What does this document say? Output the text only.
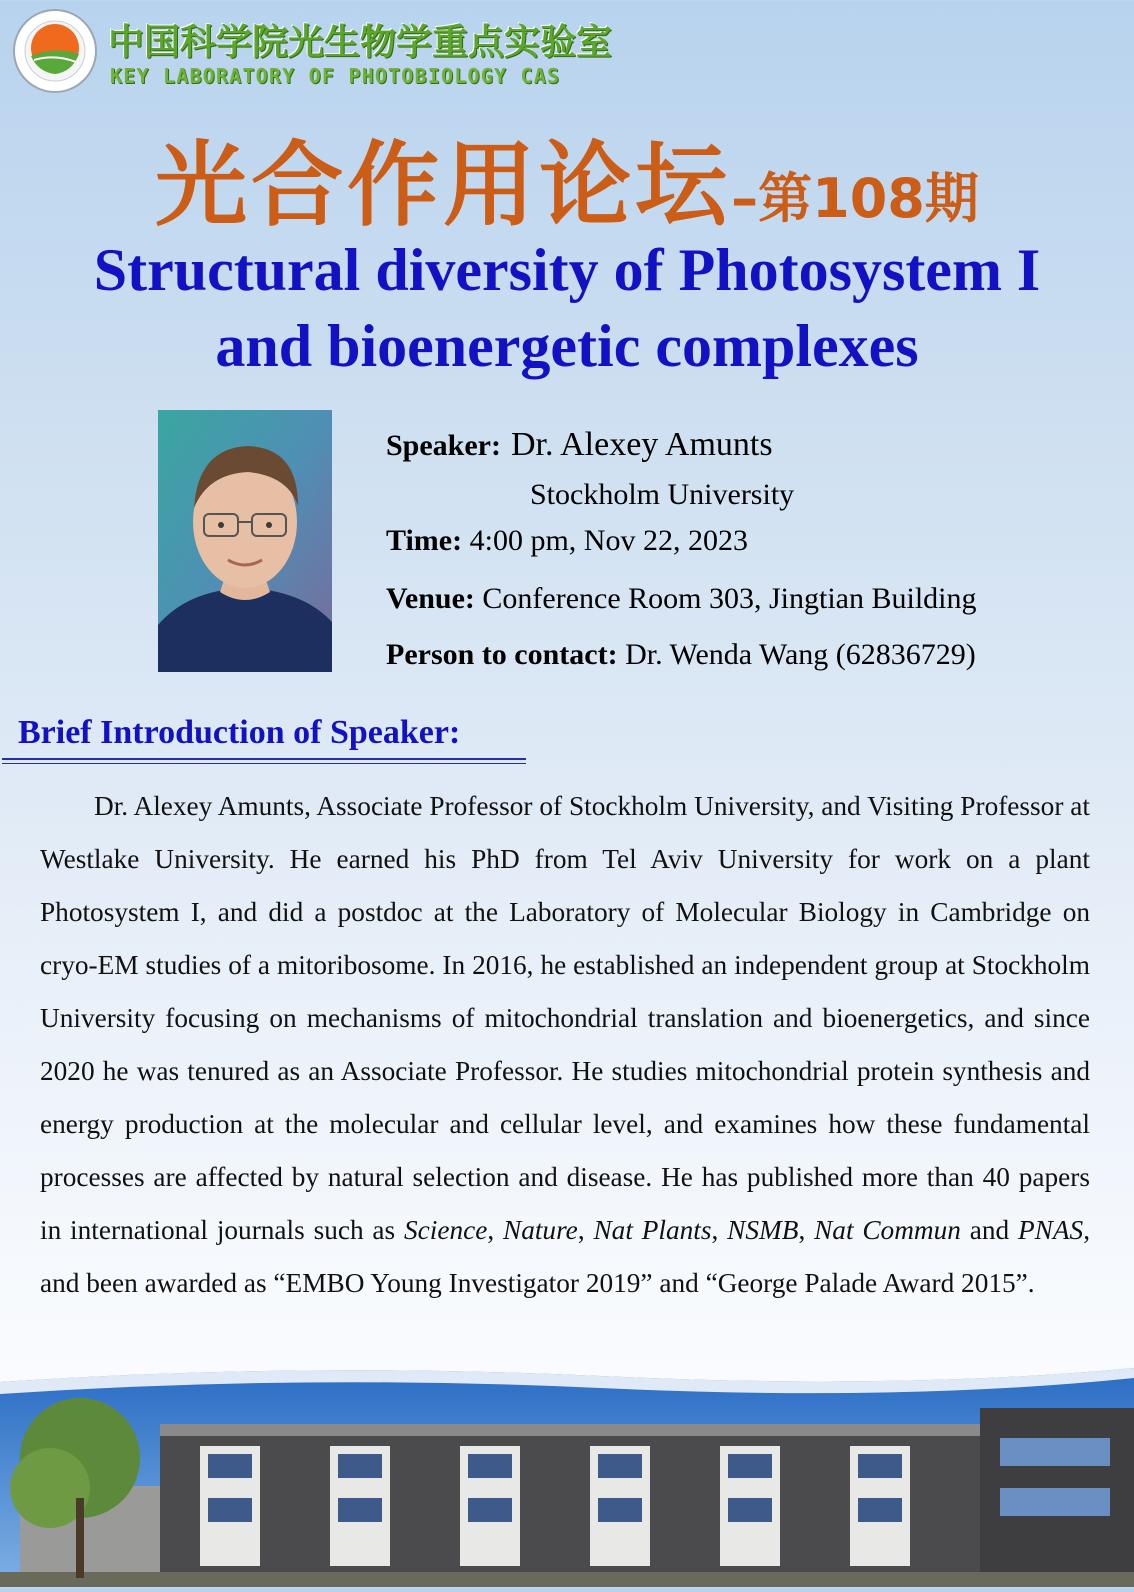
中国科学院光生物学重点实验室
KEY LABORATORY OF PHOTOBIOLOGY CAS
光合作用论坛–第108期
Structural diversity of Photosystem I
and bioenergetic complexes
Speaker: Dr. Alexey Amunts
Stockholm University
Time: 4:00 pm, Nov 22, 2023
Venue: Conference Room 303, Jingtian Building
Person to contact: Dr. Wenda Wang (62836729)
Brief Introduction of Speaker:
Dr. Alexey Amunts, Associate Professor of Stockholm University, and Visiting Professor at Westlake University. He earned his PhD from Tel Aviv University for work on a plant Photosystem I, and did a postdoc at the Laboratory of Molecular Biology in Cambridge on cryo-EM studies of a mitoribosome. In 2016, he established an independent group at Stockholm University focusing on mechanisms of mitochondrial translation and bioenergetics, and since 2020 he was tenured as an Associate Professor. He studies mitochondrial protein synthesis and energy production at the molecular and cellular level, and examines how these fundamental processes are affected by natural selection and disease. He has published more than 40 papers in international journals such as Science, Nature, Nat Plants, NSMB, Nat Commun and PNAS, and been awarded as “EMBO Young Investigator 2019” and “George Palade Award 2015”.
